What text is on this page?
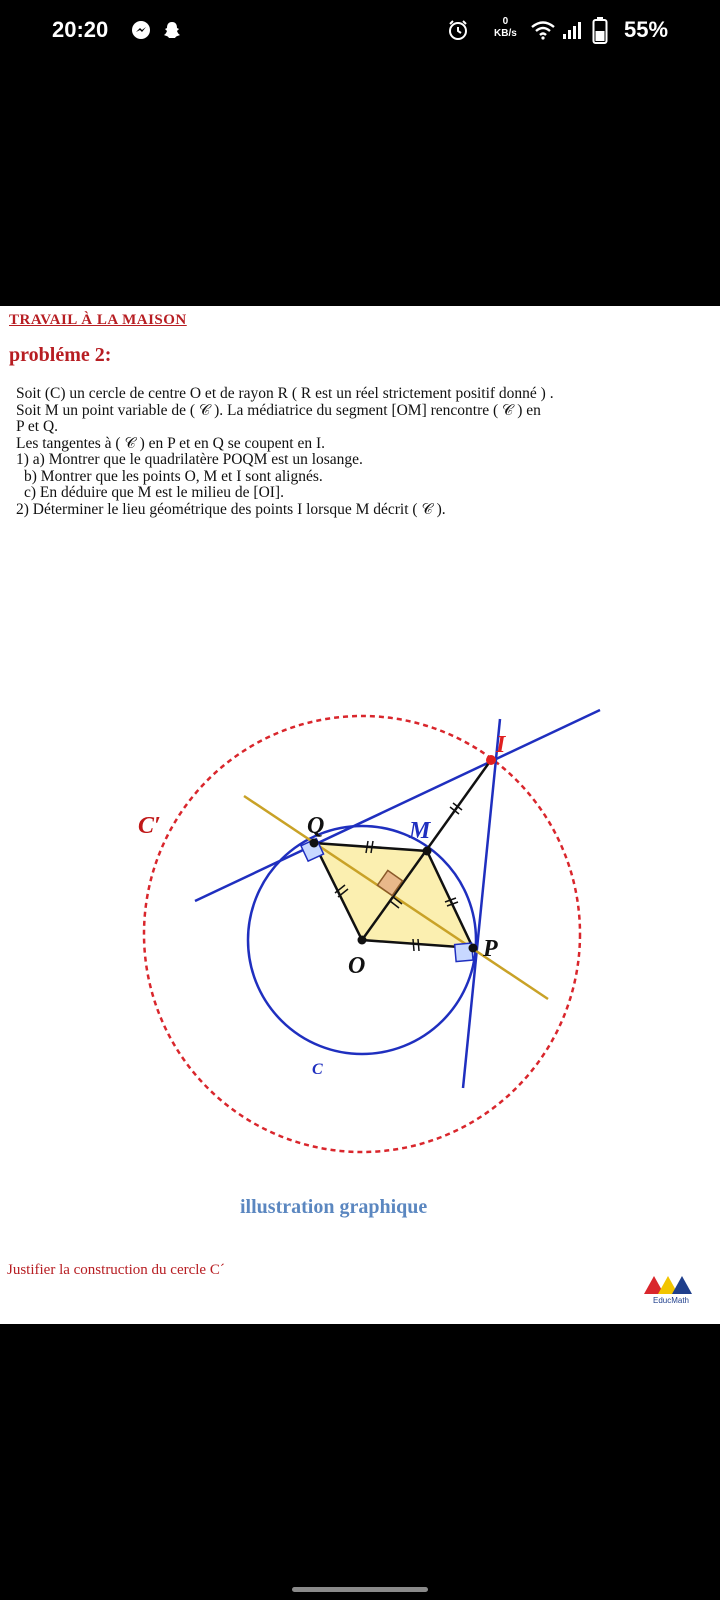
20:20	0
KB/s	55%
TRAVAIL À LA MAISON
probléme 2:
Soit (C) un cercle de centre O et de rayon R ( R est un réel strictement positif donné ) .
Soit M un point variable de ( 𝒞 ). La médiatrice du segment [OM] rencontre ( 𝒞 ) en
P et Q.
Les tangentes à ( 𝒞 ) en P et en Q se coupent en I.
1) a) Montrer que le quadrilatère POQM est un losange.
b) Montrer que les points O, M et I sont alignés.
c) En déduire que M est le milieu de [OI].
2) Déterminer le lieu géométrique des points I lorsque M décrit ( 𝒞 ).
I
Q	M
P
O
C′
C
illustration graphique
Justifier la construction du cercle C´
EducMath
